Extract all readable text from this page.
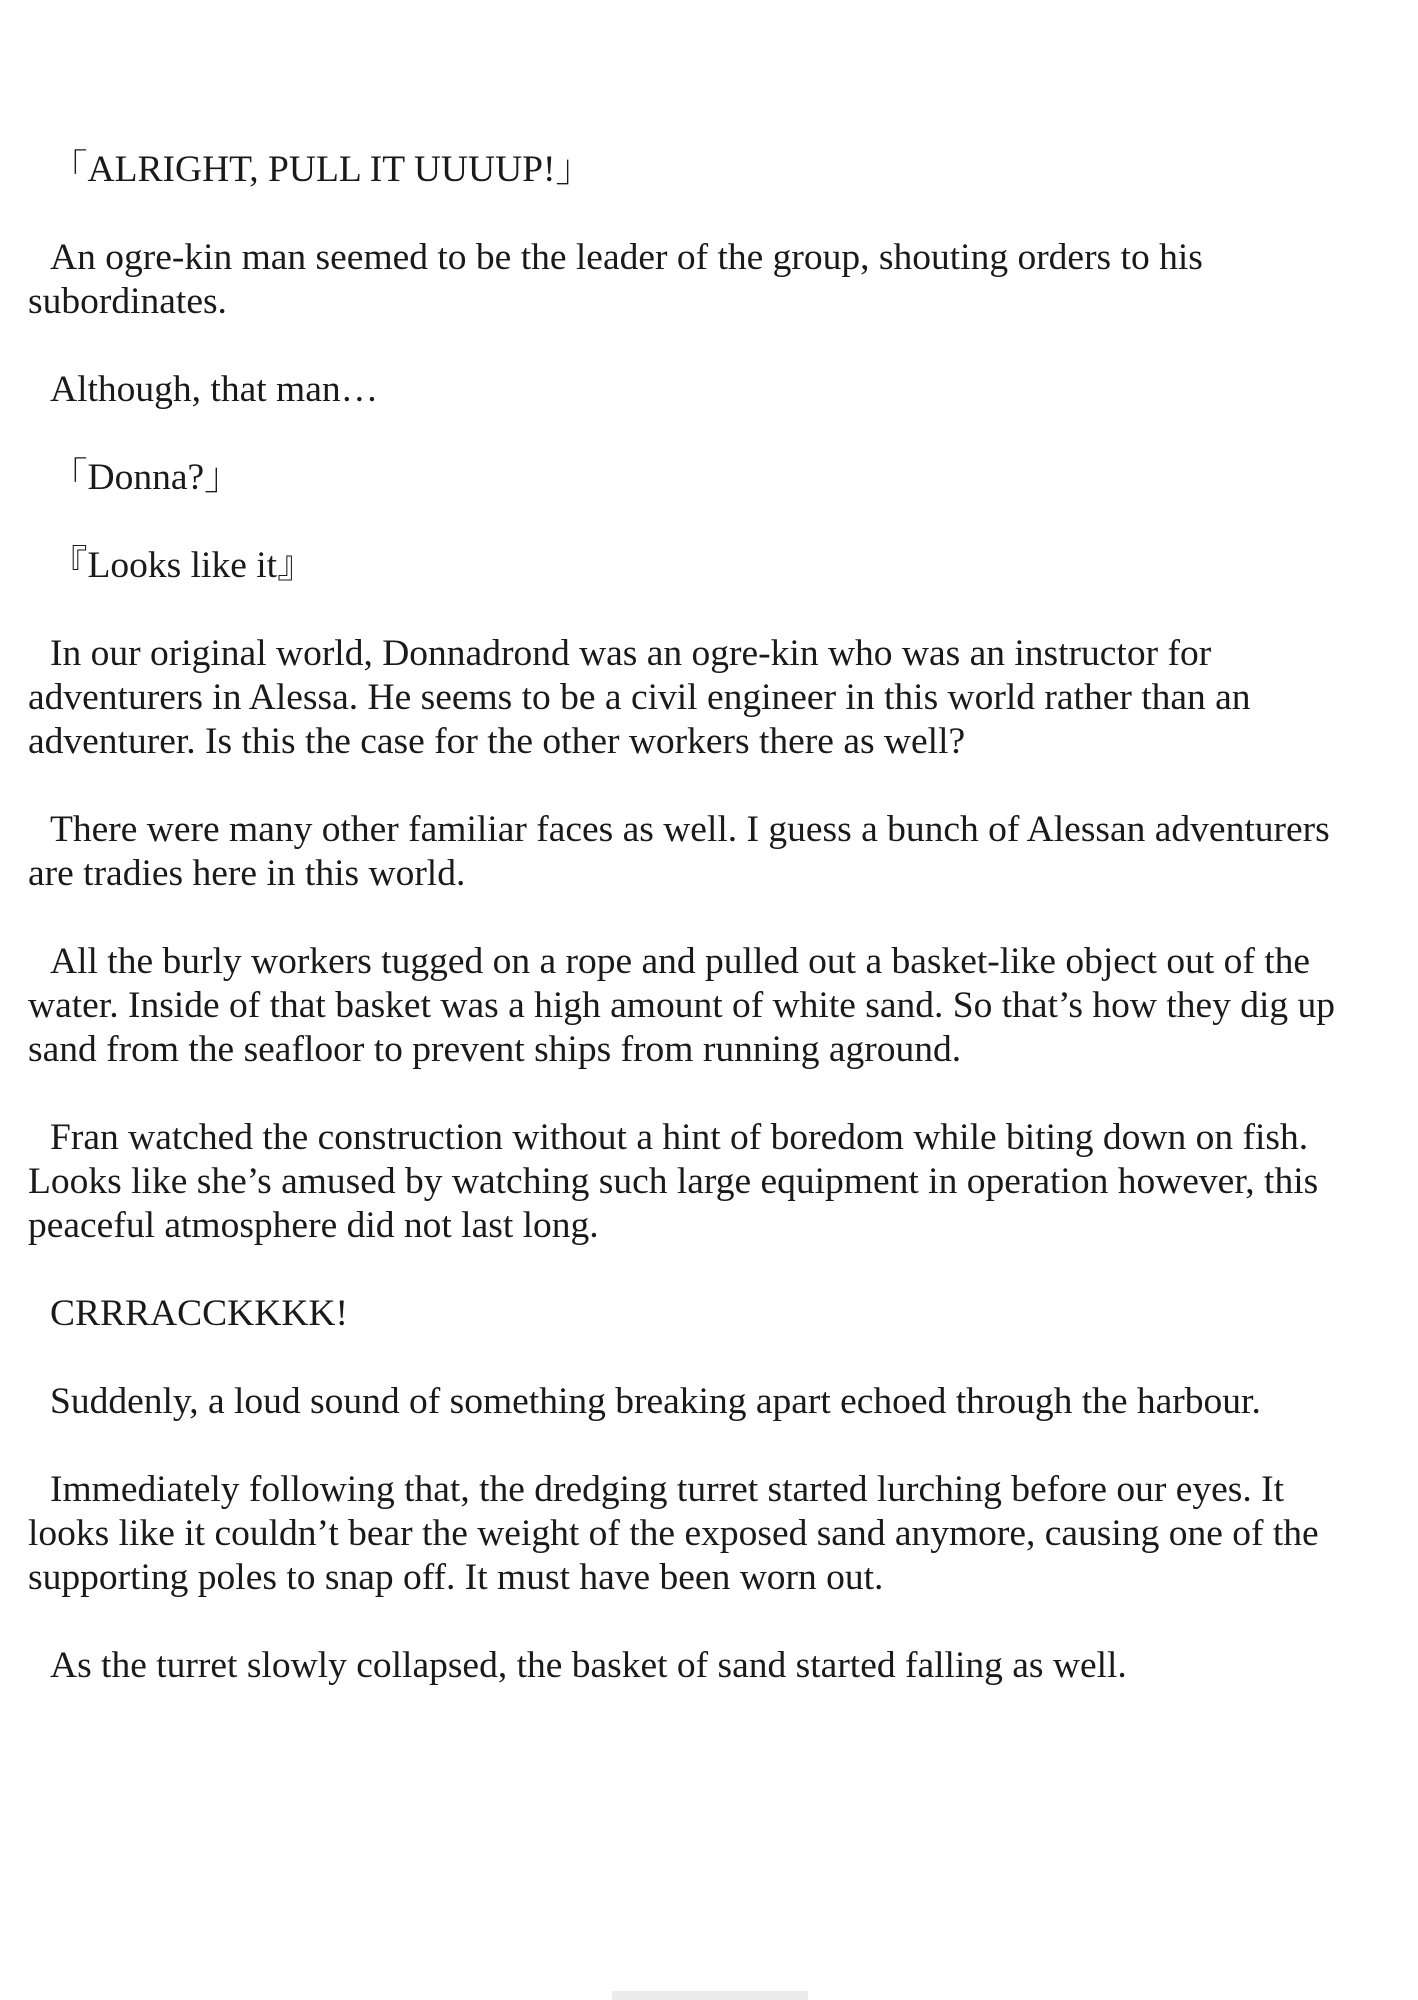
「ALRIGHT, PULL IT UUUUP!」

An ogre-kin man seemed to be the leader of the group, shouting orders to his subordinates.

Although, that man…

「Donna?」

『Looks like it』

In our original world, Donnadrond was an ogre-kin who was an instructor for adventurers in Alessa. He seems to be a civil engineer in this world rather than an adventurer. Is this the case for the other workers there as well?

There were many other familiar faces as well. I guess a bunch of Alessan adventurers are tradies here in this world.

All the burly workers tugged on a rope and pulled out a basket-like object out of the water. Inside of that basket was a high amount of white sand. So that’s how they dig up sand from the seafloor to prevent ships from running aground.

Fran watched the construction without a hint of boredom while biting down on fish. Looks like she’s amused by watching such large equipment in operation however, this peaceful atmosphere did not last long.

CRRRACCKKKK!

Suddenly, a loud sound of something breaking apart echoed through the harbour.

Immediately following that, the dredging turret started lurching before our eyes. It looks like it couldn’t bear the weight of the exposed sand anymore, causing one of the supporting poles to snap off. It must have been worn out.

As the turret slowly collapsed, the basket of sand started falling as well.
